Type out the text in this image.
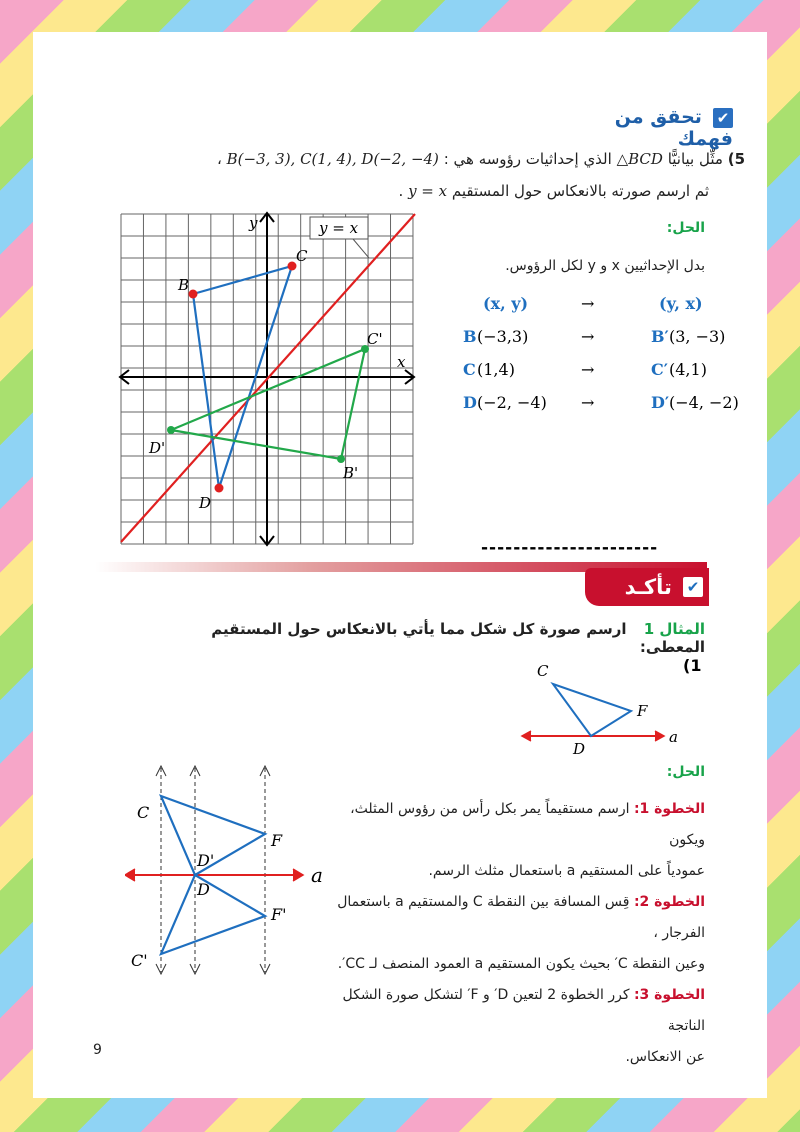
✔ تحقق من فهمك
5) مثِّل بيانيًّا △BCD الذي إحداثيات رؤوسه هي : B(−3, 3), C(1, 4), D(−2, −4) ،
ثم ارسم صورته بالانعكاس حول المستقيم y = x .
y = x
y
x
B
C
D
B'
C'
D'
الحل:
بدل الإحداثيين x و y لكل الرؤوس.
(x, y)	→	(y, x)
B (−3,3)	→	B′ (3, −3)
C (1,4)	→	C′ (4,1)
D (−2, −4) →	D′ (−4, −2)
----------------------
✔ تأكـد
المثال 1 ارسم صورة كل شكل مما يأتي بالانعكاس حول المستقيم المعطى:
(1
C
F
D
a
C
F
D'
D
F'
C'
a
الحل:
الخطوة 1: ارسم مستقيماً يمر بكل رأس من رؤوس المثلث، ويكون
عمودياً على المستقيم a باستعمال مثلث الرسم.
الخطوة 2: قِس المسافة بين النقطة C والمستقيم a باستعمال الفرجار ،
وعين النقطة C′ بحيث يكون المستقيم a العمود المنصف لـ CC′.
الخطوة 3: كرر الخطوة 2 لتعين D′ و F′ لتشكل صورة الشكل الناتجة
عن الانعكاس.
9
